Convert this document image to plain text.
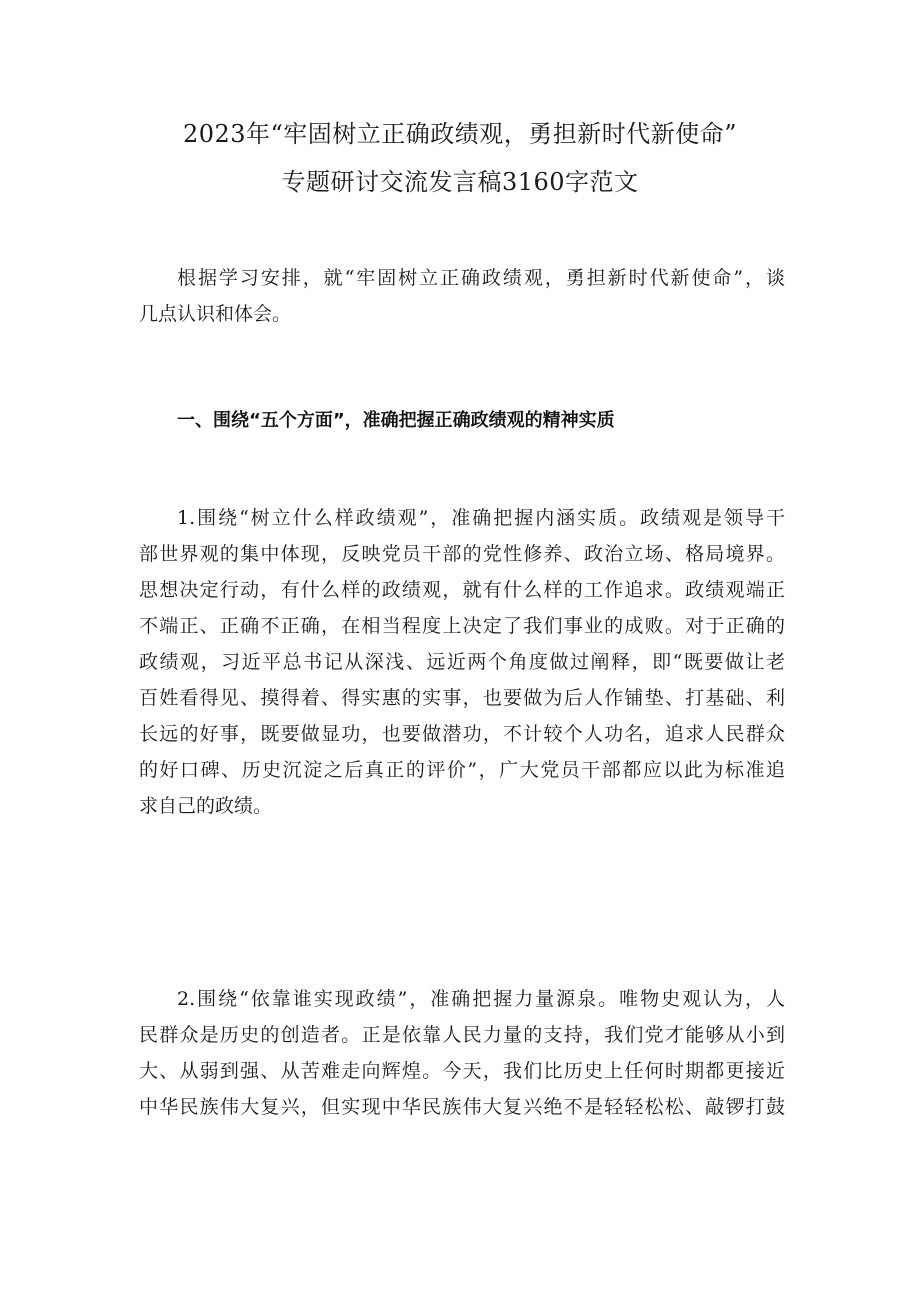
2023年“牢固树立正确政绩观，勇担新时代新使命”
专题研讨交流发言稿3160字范文
根据学习安排，就“牢固树立正确政绩观，勇担新时代新使命”，谈
几点认识和体会。
一、围绕“五个方面”，准确把握正确政绩观的精神实质
1.围绕“树立什么样政绩观”，准确把握内涵实质。政绩观是领导干
部世界观的集中体现，反映党员干部的党性修养、政治立场、格局境界。
思想决定行动，有什么样的政绩观，就有什么样的工作追求。政绩观端正
不端正、正确不正确，在相当程度上决定了我们事业的成败。对于正确的
政绩观，习近平总书记从深浅、远近两个角度做过阐释，即“既要做让老
百姓看得见、摸得着、得实惠的实事，也要做为后人作铺垫、打基础、利
长远的好事，既要做显功，也要做潜功，不计较个人功名，追求人民群众
的好口碑、历史沉淀之后真正的评价”，广大党员干部都应以此为标准追
求自己的政绩。
2.围绕“依靠谁实现政绩”，准确把握力量源泉。唯物史观认为，人
民群众是历史的创造者。正是依靠人民力量的支持，我们党才能够从小到
大、从弱到强、从苦难走向辉煌。今天，我们比历史上任何时期都更接近
中华民族伟大复兴，但实现中华民族伟大复兴绝不是轻轻松松、敲锣打鼓
